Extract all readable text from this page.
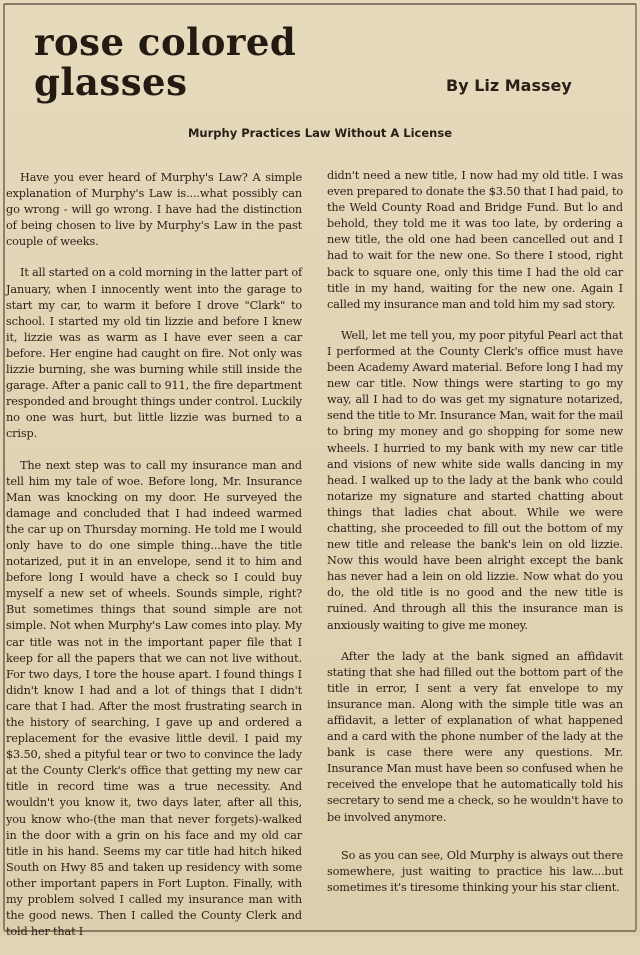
rose colored
glasses	By Liz Massey
Murphy Practices Law Without A License

Have you ever heard of Murphy's Law? A simple explanation of Murphy's Law is....what possibly can go wrong - will go wrong. I have had the distinction of being chosen to live by Murphy's Law in the past couple of weeks.

It all started on a cold morning in the latter part of January, when I innocently went into the garage to start my car, to warm it before I drove "Clark" to school. I started my old tin lizzie and before I knew it, lizzie was as warm as I have ever seen a car before. Her engine had caught on fire. Not only was lizzie burning, she was burning while still inside the garage. After a panic call to 911, the fire department responded and brought things under control. Luckily no one was hurt, but little lizzie was burned to a crisp.

The next step was to call my insurance man and tell him my tale of woe. Before long, Mr. Insurance Man was knocking on my door. He surveyed the damage and concluded that I had indeed warmed the car up on Thursday morning. He told me I would only have to do one simple thing...have the title notarized, put it in an envelope, send it to him and before long I would have a check so I could buy myself a new set of wheels. Sounds simple, right? But sometimes things that sound simple are not simple. Not when Murphy's Law comes into play. My car title was not in the important paper file that I keep for all the papers that we can not live without. For two days, I tore the house apart. I found things I didn't know I had and a lot of things that I didn't care that I had. After the most frustrating search in the history of searching, I gave up and ordered a replacement for the evasive little devil. I paid my $3.50, shed a pityful tear or two to convince the lady at the County Clerk's office that getting my new car title in record time was a true necessity. And wouldn't you know it, two days later, after all this, you know who-(the man that never forgets)-walked in the door with a grin on his face and my old car title in his hand. Seems my car title had hitch hiked South on Hwy 85 and taken up residency with some other important papers in Fort Lupton. Finally, with my problem solved I called my insurance man with the good news. Then I called the County Clerk and told her that I

didn't need a new title, I now had my old title. I was even prepared to donate the $3.50 that I had paid, to the Weld County Road and Bridge Fund. But lo and behold, they told me it was too late, by ordering a new title, the old one had been cancelled out and I had to wait for the new one. So there I stood, right back to square one, only this time I had the old car title in my hand, waiting for the new one. Again I called my insurance man and told him my sad story.

Well, let me tell you, my poor pityful Pearl act that I performed at the County Clerk's office must have been Academy Award material. Before long I had my new car title. Now things were starting to go my way, all I had to do was get my signature notarized, send the title to Mr. Insurance Man, wait for the mail to bring my money and go shopping for some new wheels. I hurried to my bank with my new car title and visions of new white side walls dancing in my head. I walked up to the lady at the bank who could notarize my signature and started chatting about things that ladies chat about. While we were chatting, she proceeded to fill out the bottom of my new title and release the bank's lein on old lizzie. Now this would have been alright except the bank has never had a lein on old lizzie. Now what do you do, the old title is no good and the new title is ruined. And through all this the insurance man is anxiously waiting to give me money.

After the lady at the bank signed an affidavit stating that she had filled out the bottom part of the title in error, I sent a very fat envelope to my insurance man. Along with the simple title was an affidavit, a letter of explanation of what happened and a card with the phone number of the lady at the bank is case there were any questions. Mr. Insurance Man must have been so confused when he received the envelope that he automatically told his secretary to send me a check, so he wouldn't have to be involved anymore.

So as you can see, Old Murphy is always out there somewhere, just waiting to practice his law....but sometimes it's tiresome thinking your his star client.
